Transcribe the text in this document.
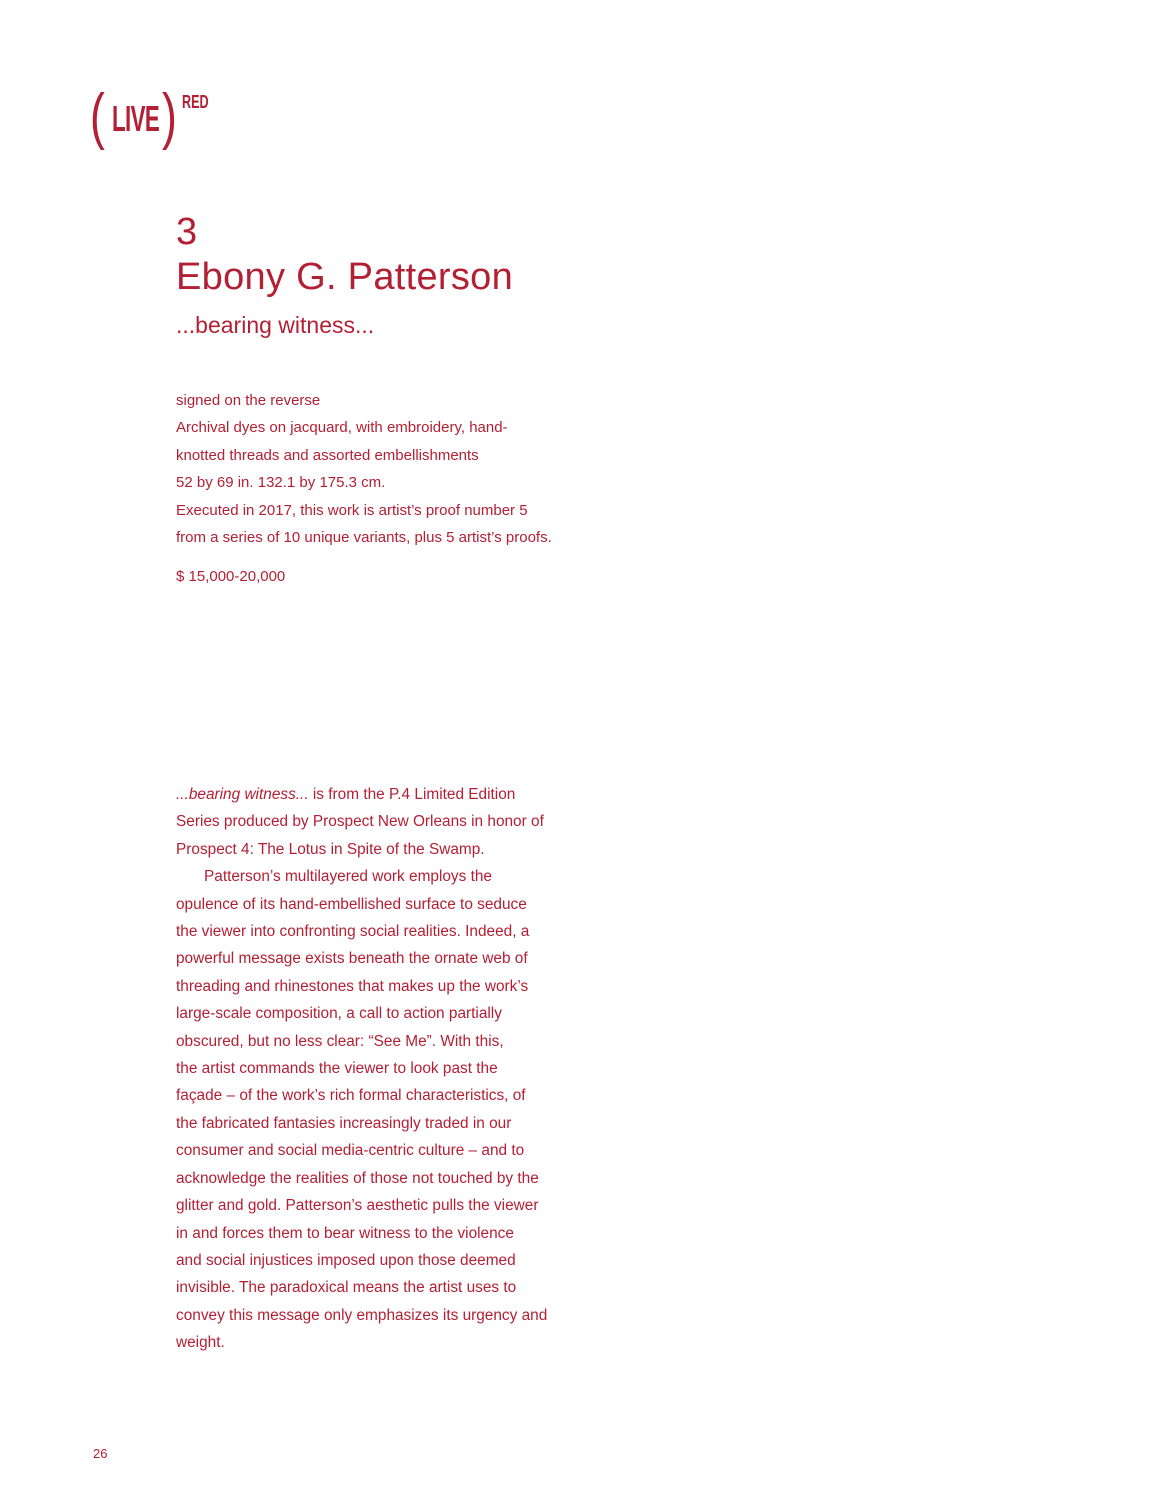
( LIVE ) RED
3
Ebony G. Patterson
...bearing witness...
signed on the reverse
Archival dyes on jacquard, with embroidery, hand-
knotted threads and assorted embellishments
52 by 69 in. 132.1 by 175.3 cm.
Executed in 2017, this work is artist’s proof number 5
from a series of 10 unique variants, plus 5 artist’s proofs.
$ 15,000-20,000
...bearing witness... is from the P.4 Limited Edition
Series produced by Prospect New Orleans in honor of
Prospect 4: The Lotus in Spite of the Swamp.
Patterson’s multilayered work employs the
opulence of its hand-embellished surface to seduce
the viewer into confronting social realities. Indeed, a
powerful message exists beneath the ornate web of
threading and rhinestones that makes up the work’s
large-scale composition, a call to action partially
obscured, but no less clear: “See Me”. With this,
the artist commands the viewer to look past the
façade – of the work’s rich formal characteristics, of
the fabricated fantasies increasingly traded in our
consumer and social media-centric culture – and to
acknowledge the realities of those not touched by the
glitter and gold. Patterson’s aesthetic pulls the viewer
in and forces them to bear witness to the violence
and social injustices imposed upon those deemed
invisible. The paradoxical means the artist uses to
convey this message only emphasizes its urgency and
weight.
26
